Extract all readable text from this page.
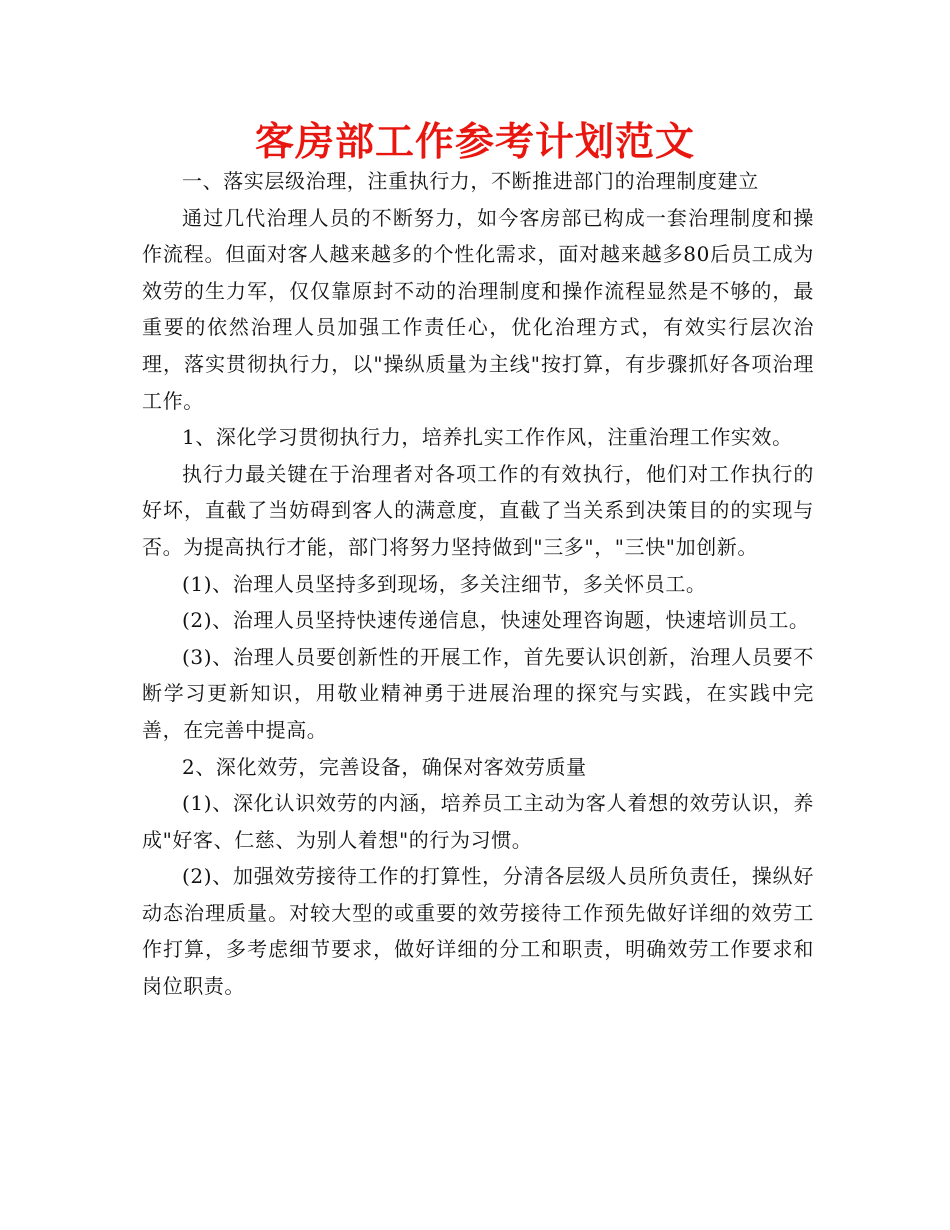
客房部工作参考计划范文

一、落实层级治理，注重执行力，不断推进部门的治理制度建立

通过几代治理人员的不断努力，如今客房部已构成一套治理制度和操作流程。但面对客人越来越多的个性化需求，面对越来越多80后员工成为效劳的生力军，仅仅靠原封不动的治理制度和操作流程显然是不够的，最重要的依然治理人员加强工作责任心，优化治理方式，有效实行层次治理，落实贯彻执行力，以"操纵质量为主线"按打算，有步骤抓好各项治理工作。

1、深化学习贯彻执行力，培养扎实工作作风，注重治理工作实效。

执行力最关键在于治理者对各项工作的有效执行，他们对工作执行的好坏，直截了当妨碍到客人的满意度，直截了当关系到决策目的的实现与否。为提高执行才能，部门将努力坚持做到"三多"，"三快"加创新。

(1)、治理人员坚持多到现场，多关注细节，多关怀员工。

(2)、治理人员坚持快速传递信息，快速处理咨询题，快速培训员工。

(3)、治理人员要创新性的开展工作，首先要认识创新，治理人员要不断学习更新知识，用敬业精神勇于进展治理的探究与实践，在实践中完善，在完善中提高。

2、深化效劳，完善设备，确保对客效劳质量

(1)、深化认识效劳的内涵，培养员工主动为客人着想的效劳认识，养成"好客、仁慈、为别人着想"的行为习惯。

(2)、加强效劳接待工作的打算性，分清各层级人员所负责任，操纵好动态治理质量。对较大型的或重要的效劳接待工作预先做好详细的效劳工作打算，多考虑细节要求，做好详细的分工和职责，明确效劳工作要求和岗位职责。
